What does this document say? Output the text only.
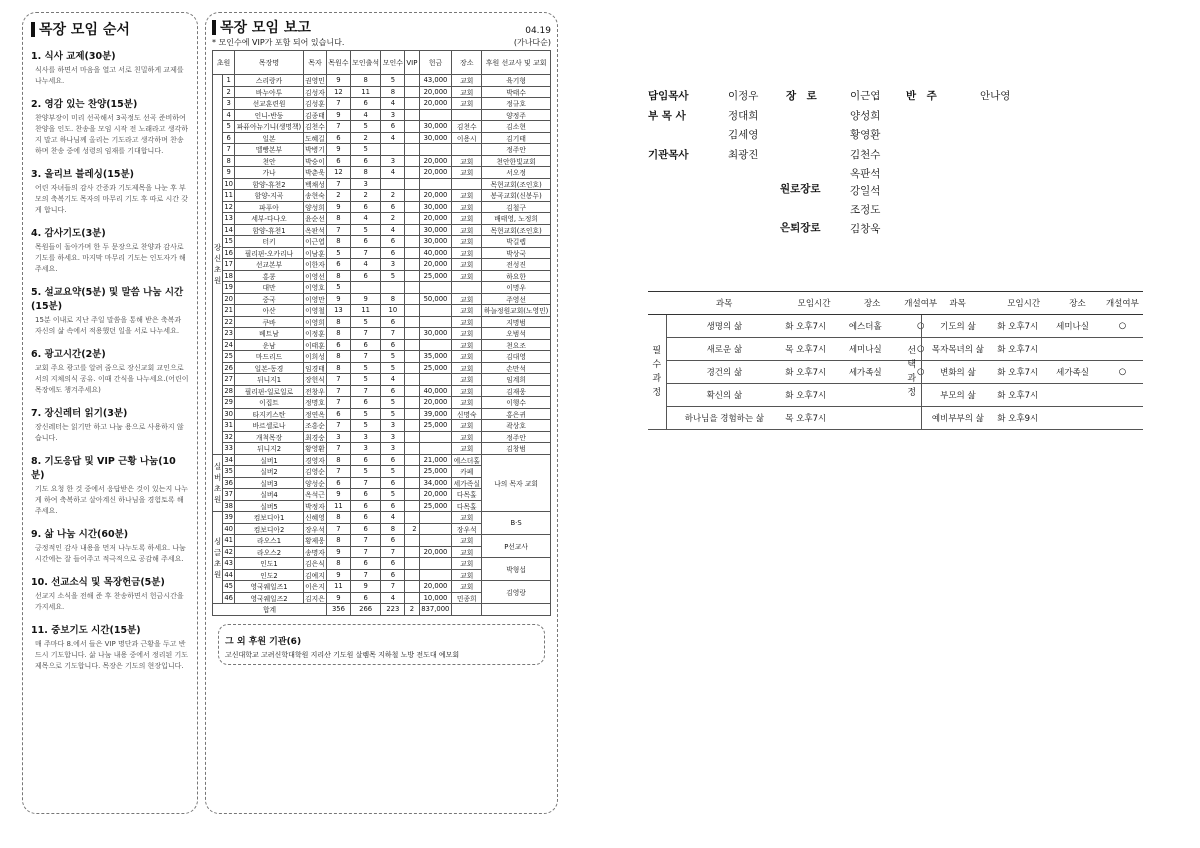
목장 모임 순서
1. 식사 교제(30분)

식사를 하면서 마음을 열고 서로 친밀하게 교제를 나누세요.

2. 영감 있는 찬양(15분)

찬양부장이 미리 선곡해서 3곡정도 선곡 준비하여 찬양을 인도. 찬송을 모임 시작 전 노래라고 생각하지 말고 하나님께 올리는 기도라고 생각하며 찬송하며 찬송 중에 성령의 임재를 기대합니다.

3. 올리브 블레싱(15분)

어린 자녀들의 감사 간증과 기도제목을 나눈 후 부모의 축복기도 목자의 마무리 기도 후 따로 시간 갖게 합니다.

4. 감사기도(3분)

목원들이 돌아가며 한 두 문장으로 찬양과 감사로 기도를 하세요. 마지막 마무리 기도는 인도자가 해주세요.

5. 설교요약(5분) 및 말씀 나눔 시간(15분)

15분 이내로 지난 주일 말씀을 통해 받은 축복과 자신의 삶 속에서 적용했던 일을 서로 나누세요.

6. 광고시간(2분)

교회 주요 광고를 알려 줌으로 장신교회 교인으로서의 지체의식 공유. 이때 간식을 나누세요.(어린이 목장에도 챙겨주세요)

7. 장신레터 읽기(3분)

장신레터는 읽기만 하고 나눔 용으로 사용하지 않습니다.

8. 기도응답 및 VIP 근황 나눔(10분)

기도 요청 한 것 중에서 응답받은 것이 있는지 나누게 하여 축복하고 살아계신 하나님을 경험토록 해주세요.

9. 삶 나눔 시간(60분)

긍정적인 감사 내용을 먼저 나누도록 하세요. 나눔 시간에는 잘 들어주고 적극적으로 공감해 주세요.

10. 선교소식 및 목장헌금(5분)

선교지 소식을 전해 준 후 찬송하면서 헌금시간을 가지세요.

11. 중보기도 시간(15분)

매 주마다 8.에서 들은 VIP 명단과 근황을 두고 반드시 기도합니다. 삶 나눔 내용 중에서 정리된 기도제목으로 기도합니다. 목장은 기도의 현장입니다.

목장 모임 보고	04.19
* 모인수에 VIP가 포함 되어 있습니다.	(가나다순)
초원		목장명	목자	목원수	모인출석	모인수	VIP	헌금	장소	후원 선교사 및 교회
장신초원	1	스리랑카	권영민	9	8	5		43,000	교회	육기형
	2	바누아투	김성자	12	11	8		20,000	교회	박태수
	3	선교훈련원	김성훈	7	6	4		20,000	교회	정규호
	4	인니-반둥	김종태	9	4	3				양정주
	5	파퓨아뉴기니(생명책)	김천수	7	5	6		30,000	김천수	김소현
	6	일본	도혜길	6	2	4		30,000	이용시	김기태
	7	멜빵본부	박병기	9	5					정주안
	8	천안	박승이	6	6	3		20,000	교회	천안한빛교회
	9	가나	박춘욱	12	8	4		20,000	교회	서오정
	10	함양-휴천2	백채성	7	3					목현교회(조인호)
	11	함양-지곡	송현숙	2	2	2		20,000	교회	봉곡교회(신봉두)
	12	파푸아	양성희	9	6	6		30,000	교회	김철구
	13	세부-다나오	윤순선	8	4	2		20,000	교회	배태영, 노정희
	14	함양-휴천1	옥판석	7	5	4		30,000	교회	목현교회(조인호)
	15	터키	이근엽	8	6	6		30,000	교회	박길렙
	16	필리핀-오카리나	이남훈	5	7	6		40,000	교회	박상국
	17	선교본부	이한자	6	4	3		20,000	교회	전성진
	18	홍콩	이영선	8	6	5		25,000	교회	하요한
	19	대만	이영호	5						이명우
	20	중국	이영만	9	9	8		50,000	교회	주영선
	21	아산	이영철	13	11	10			교회	하늘정원교회(노영민)
	22	쿠바	이영희	8	5	6			교회	지명범
	23	베트남	이정훈	8	7	7		30,000	교회	오범석
	24	운남	이태훈	6	6	6			교회	천요조
	25	마드리드	이희성	8	7	5		35,000	교회	김대영
	26	일본-동경	임경태	8	5	5		25,000	교회	손만석
	27	뒤니지1	장헌식	7	5	4			교회	임계희
	28	필리핀-일로일로	전창우	7	7	6		40,000	교회	김재웅
	29	이집트	정명호	7	6	5		20,000	교회	이행수
	30	타지키스탄	정연옥	6	5	5		39,000	신명숙	홍은귀
	31	바르셀로나	조흥순	7	5	3		25,000	교회	곽상호
	32	개척목장	최경숭	3	3	3			교회	정주안
	33	뒤니지2	황영환	7	3	3			교회	김창범
실버초원	34	실버1	경영자	8	6	6		21,000	에스더홀	나의 목자 교회
	35	실버2	김영순	7	5	5		25,000	카페	
	36	실버3	양성순	6	7	6		34,000	세가족실	
	37	실버4	옥석근	9	6	5		20,000	다목홀	
	38	실버5	박정자	11	6	6		25,000	다목홀	
싱글초원	39	컴보디아1	신혜영	8	6	4			교회	B·S
	40	컴보디아2	장우석	7	6	8	2		장우석	
	41	라오스1	황제웅	8	7	6			교회	P선교사
	42	라오스2	송명자	9	7	7		20,000	교회	
	43	인도1	김은식	8	6	6			교회	박형섭
	44	인도2	김예지	9	7	6			교회	
	45	영국웨일즈1	이은지	11	9	7		20,000	교회	김영랑
	46	영국웨일즈2	김지은	9	6	4		10,000	민종희	
합계				356	266	223	2	837,000		
그 외 후원 기관(6)
고신대학교 고려신학대학원 지리산 기도원 살렘목 지하철 노방 전도대 예모회
담임목사	이정우
부 목 사	정대희
김세영
기관목사	최광진
장　로	이근엽
양성희
황영환
김천수
옥판석
원로장로	강일석
조정도
은퇴장로	김창욱
반　주	안나영
	과목	모임시간	장소	개설여부
필수과정	생명의 삶	화 오후7시	에스더홀	○
	새로운 삶	목 오후7시	세미나실	○
	경건의 삶	화 오후7시	세가족실	○
	확신의 삶	화 오후7시		
	하나님을 경험하는 삶	목 오후7시		
	과목	모임시간	장소	개설여부
선택과정	기도의 삶	화 오후7시	세미나실	○
	목자목녀의 삶	화 오후7시		
	변화의 삶	화 오후7시	세가족실	○
	부모의 삶	화 오후7시		
	예비부부의 삶	화 오후9시		
